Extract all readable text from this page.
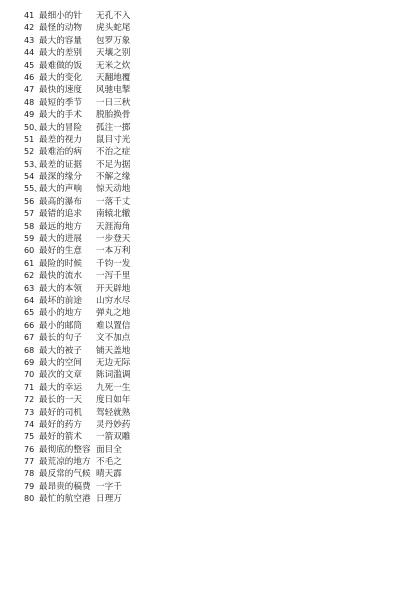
41 最细小的针 无孔不入
42 最怪的动物 虎头蛇尾
43 最大的容量 包罗万象
44 最大的差别 天壤之别
45 最难做的饭 无米之炊
46 最大的变化 天翻地覆
47 最快的速度 风驰电掣
48 最短的季节 一日三秋
49 最大的手术 脱胎换骨
50、
最大的冒险 孤注一掷
51 最差的视力 鼠目寸光
52 最难治的病 不治之症
53、
最差的证据 不足为据
54 最深的缘分 不解之缘
55、
最大的声响 惊天动地
56 最高的瀑布 一落千丈
57 最错的追求 南辕北辙
58 最远的地方 天涯海角
59 最大的进展 一步登天
60 最好的生意 一本万利
61 最险的时候 千钧一发
62 最快的流水 一泻千里
63 最大的本领 开天辟地
64 最坏的前途 山穷水尽
65 最小的地方 弹丸之地
66 最小的邮筒 难以置信
67 最长的句子 文不加点
68 最大的被子 铺天盖地
69 最大的空间 无边无际
70 最次的文章 陈词滥调
71 最大的幸运 九死一生
72 最长的一天 度日如年
73 最好的司机 驾轻就熟
74 最好的药方 灵丹妙药
75 最好的箭术 一箭双雕
76 最彻底的整容 面目全
77 最荒凉的地方 不毛之
78 最反常的气候 晴天霹
79 最昂贵的稿费 一字千
80 最忙的航空港 日理万
